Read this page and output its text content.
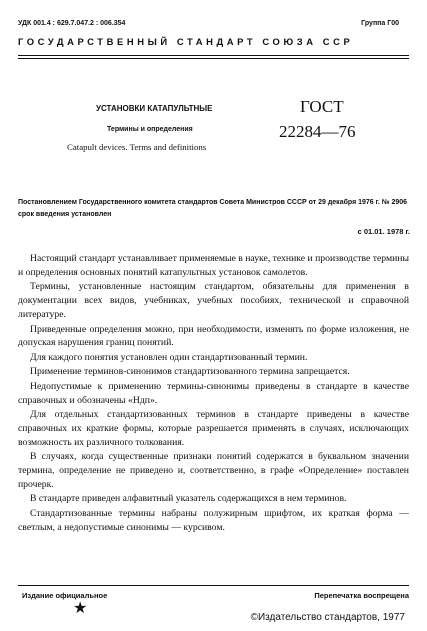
УДК 001.4 : 629.7.047.2 : 006.354	Группа Г00
ГОСУДАРСТВЕННЫЙ СТАНДАРТ СОЮЗА ССР
УСТАНОВКИ КАТАПУЛЬТНЫЕ
Термины и определения
Catapult devices. Terms and definitions
ГОСТ
22284—76
Постановлением Государственного комитета стандартов Совета Министров СССР от 29 декабря 1976 г. № 2906 срок введения установлен
с 01.01. 1978 г.

Настоящий стандарт устанавливает применяемые в науке, технике и производстве термины и определения основных понятий катапультных установок самолетов.

Термины, установленные настоящим стандартом, обязательны для применения в документации всех видов, учебниках, учебных пособиях, технической и справочной литературе.

Приведенные определения можно, при необходимости, изменять по форме изложения, не допуская нарушения границ понятий.

Для каждого понятия установлен один стандартизованный термин.

Применение терминов-синонимов стандартизованного термина запрещается.

Недопустимые к применению термины-синонимы приведены в стандарте в качестве справочных и обозначены «Ндп».

Для отдельных стандартизованных терминов в стандарте приведены в качестве справочных их краткие формы, которые разрешается применять в случаях, исключающих возможность их различного толкования.

В случаях, когда существенные признаки понятий содержатся в буквальном значении термина, определение не приведено и, соответственно, в графе «Определение» поставлен прочерк.

В стандарте приведен алфавитный указатель содержащихся в нем терминов.

Стандартизованные термины набраны полужирным шрифтом, их краткая форма — светлым, а недопустимые синонимы — курсивом.

Издание официальное	Перепечатка воспрещена
★
©Издательство стандартов, 1977
